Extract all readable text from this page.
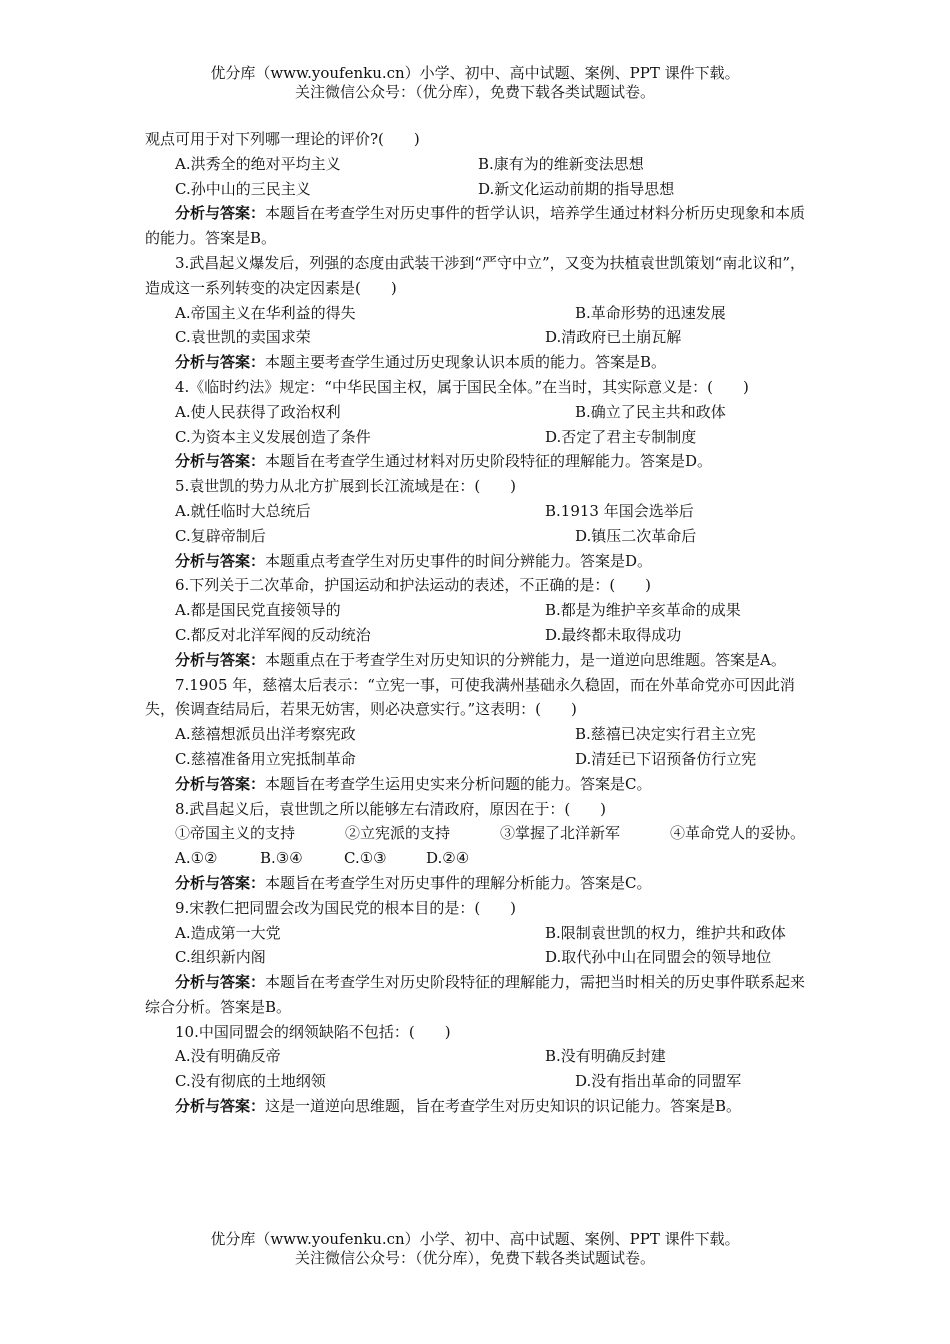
优分库（www.youfenku.cn）小学、初中、高中试题、案例、PPT 课件下载。
关注微信公众号：（优分库），免费下载各类试题试卷。

观点可用于对下列哪一理论的评价?(　　)

A.洪秀全的绝对平均主义	B.康有为的维新变法思想
C.孙中山的三民主义	D.新文化运动前期的指导思想

分析与答案：本题旨在考查学生对历史事件的哲学认识，培养学生通过材料分析历史现象和本质的能力。答案是B。

3.武昌起义爆发后，列强的态度由武装干涉到“严守中立”，又变为扶植袁世凯策划“南北议和”，造成这一系列转变的决定因素是(　　)

A.帝国主义在华利益的得失	B.革命形势的迅速发展
C.袁世凯的卖国求荣	D.清政府已土崩瓦解

分析与答案：本题主要考查学生通过历史现象认识本质的能力。答案是B。

4.《临时约法》规定：“中华民国主权，属于国民全体。”在当时，其实际意义是：(　　)

A.使人民获得了政治权利	B.确立了民主共和政体
C.为资本主义发展创造了条件	D.否定了君主专制制度

分析与答案：本题旨在考查学生通过材料对历史阶段特征的理解能力。答案是D。

5.袁世凯的势力从北方扩展到长江流域是在：(　　)

A.就任临时大总统后	B.1913 年国会选举后
C.复辟帝制后	D.镇压二次革命后

分析与答案：本题重点考查学生对历史事件的时间分辨能力。答案是D。

6.下列关于二次革命，护国运动和护法运动的表述，不正确的是：(　　)

A.都是国民党直接领导的	B.都是为维护辛亥革命的成果
C.都反对北洋军阀的反动统治	D.最终都未取得成功

分析与答案：本题重点在于考查学生对历史知识的分辨能力，是一道逆向思维题。答案是A。

7.1905 年，慈禧太后表示：“立宪一事，可使我满州基础永久稳固，而在外革命党亦可因此消失，俟调查结局后，若果无妨害，则必决意实行。”这表明：(　　)

A.慈禧想派员出洋考察宪政	B.慈禧已决定实行君主立宪
C.慈禧准备用立宪抵制革命	D.清廷已下诏预备仿行立宪

分析与答案：本题旨在考查学生运用史实来分析问题的能力。答案是C。

8.武昌起义后，袁世凯之所以能够左右清政府，原因在于：(　　)

①帝国主义的支持	②立宪派的支持	③掌握了北洋新军	④革命党人的妥协。
A.①②	B.③④	C.①③	D.②④

分析与答案：本题旨在考查学生对历史事件的理解分析能力。答案是C。

9.宋教仁把同盟会改为国民党的根本目的是：(　　)

A.造成第一大党	B.限制袁世凯的权力，维护共和政体

C.组织新内阁	D.取代孙中山在同盟会的领导地位

分析与答案：本题旨在考查学生对历史阶段特征的理解能力，需把当时相关的历史事件联系起来综合分析。答案是B。

10.中国同盟会的纲领缺陷不包括：(　　)

A.没有明确反帝	B.没有明确反封建
C.没有彻底的土地纲领	D.没有指出革命的同盟军

分析与答案：这是一道逆向思维题，旨在考查学生对历史知识的识记能力。答案是B。

优分库（www.youfenku.cn）小学、初中、高中试题、案例、PPT 课件下载。
关注微信公众号：（优分库），免费下载各类试题试卷。
